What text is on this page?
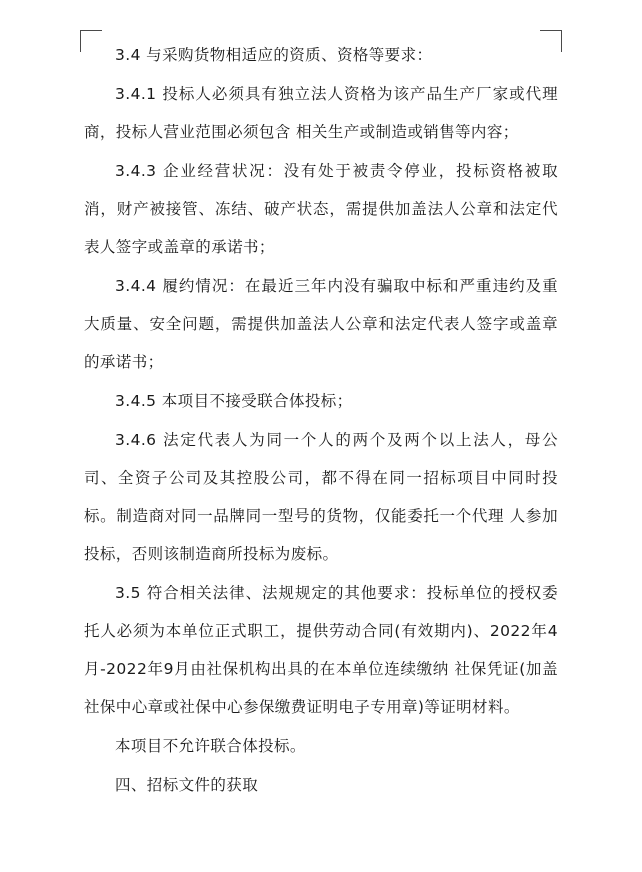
3.4 与采购货物相适应的资质、资格等要求：

3.4.1 投标人必须具有独立法人资格为该产品生产厂家或代理商，投标人营业范围必须包含 相关生产或制造或销售等内容；

3.4.3 企业经营状况：没有处于被责令停业，投标资格被取消，财产被接管、冻结、破产状态，需提供加盖法人公章和法定代表人签字或盖章的承诺书；

3.4.4 履约情况：在最近三年内没有骗取中标和严重违约及重大质量、安全问题，需提供加盖法人公章和法定代表人签字或盖章的承诺书；

3.4.5 本项目不接受联合体投标；

3.4.6 法定代表人为同一个人的两个及两个以上法人，母公司、全资子公司及其控股公司，都不得在同一招标项目中同时投标。制造商对同一品牌同一型号的货物，仅能委托一个代理 人参加投标，否则该制造商所投标为废标。

3.5 符合相关法律、法规规定的其他要求：投标单位的授权委托人必须为本单位正式职工，提供劳动合同(有效期内)、2022年4月-2022年9月由社保机构出具的在本单位连续缴纳 社保凭证(加盖社保中心章或社保中心参保缴费证明电子专用章)等证明材料。

本项目不允许联合体投标。

四、招标文件的获取
